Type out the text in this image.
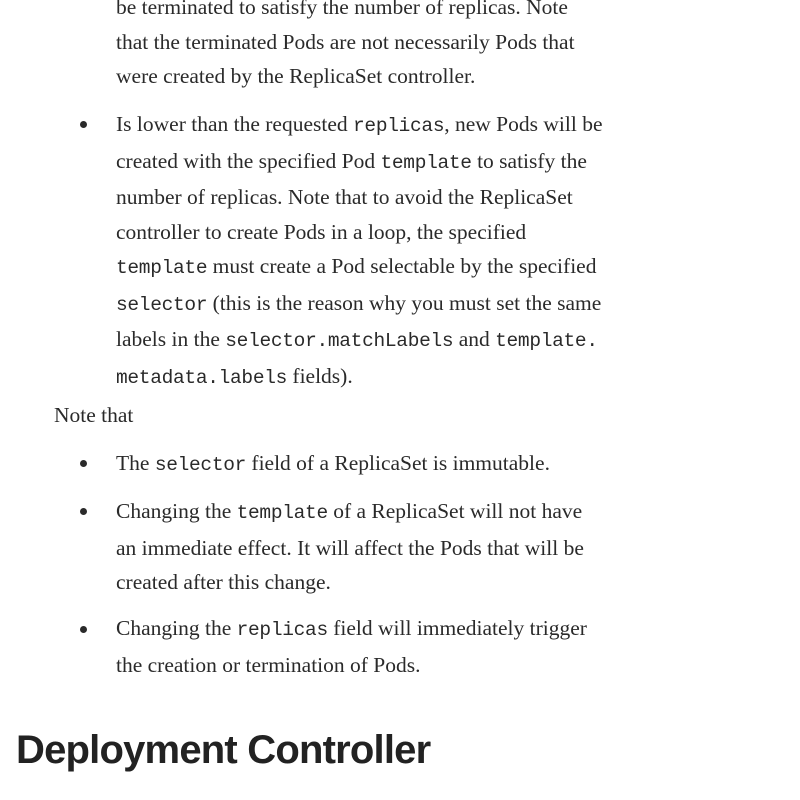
be terminated to satisfy the number of replicas. Note
that the terminated Pods are not necessarily Pods that
were created by the ReplicaSet controller.
Is lower than the requested replicas, new Pods will be
created with the specified Pod template to satisfy the
number of replicas. Note that to avoid the ReplicaSet
controller to create Pods in a loop, the specified
template must create a Pod selectable by the specified
selector (this is the reason why you must set the same
labels in the selector.matchLabels and template.
metadata.labels fields).

Note that

The selector field of a ReplicaSet is immutable.
Changing the template of a ReplicaSet will not have
an immediate effect. It will affect the Pods that will be
created after this change.
Changing the replicas field will immediately trigger
the creation or termination of Pods.
Deployment Controller
